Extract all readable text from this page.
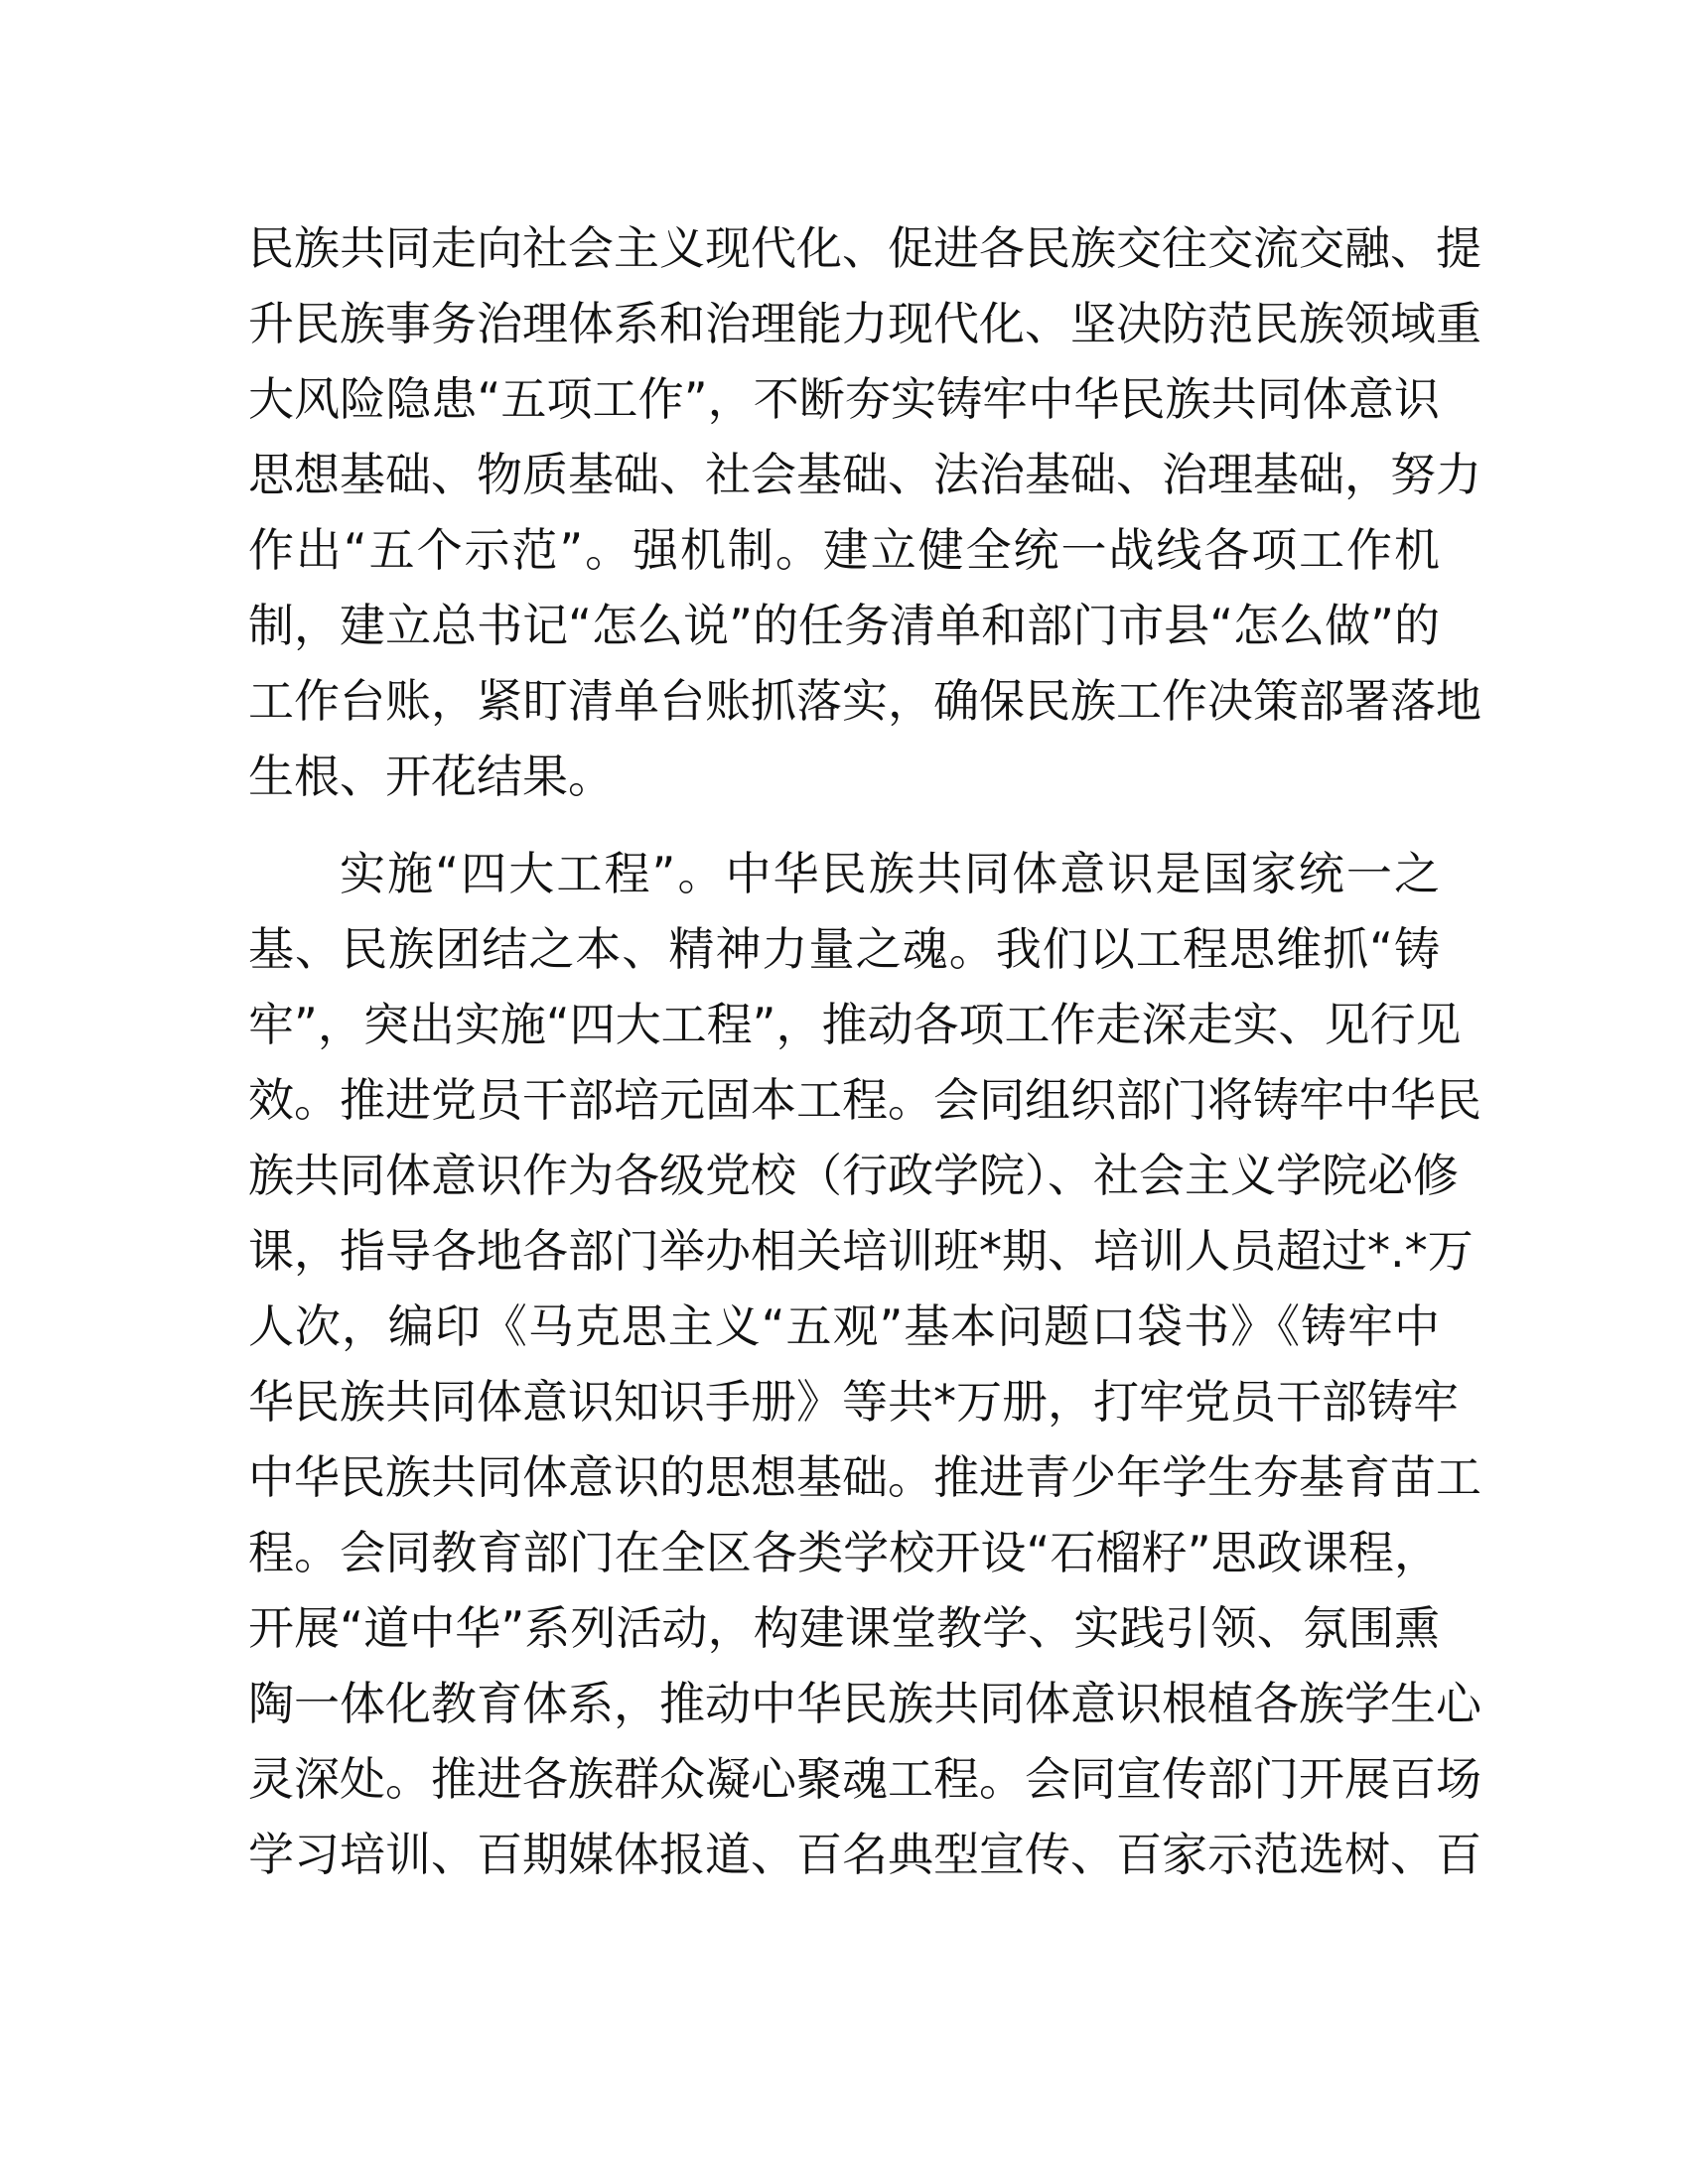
民族共同走向社会主义现代化、促进各民族交往交流交融、提
升民族事务治理体系和治理能力现代化、坚决防范民族领域重
大风险隐患“五项工作”，不断夯实铸牢中华民族共同体意识
思想基础、物质基础、社会基础、法治基础、治理基础，努力
作出“五个示范”。强机制。建立健全统一战线各项工作机
制，建立总书记“怎么说”的任务清单和部门市县“怎么做”的
工作台账，紧盯清单台账抓落实，确保民族工作决策部署落地
生根、开花结果。
实施“四大工程”。中华民族共同体意识是国家统一之
基、民族团结之本、精神力量之魂。我们以工程思维抓“铸
牢”，突出实施“四大工程”，推动各项工作走深走实、见行见
效。推进党员干部培元固本工程。会同组织部门将铸牢中华民
族共同体意识作为各级党校（行政学院）、社会主义学院必修
课，指导各地各部门举办相关培训班*期、培训人员超过*.*万
人次，编印《马克思主义“五观”基本问题口袋书》《铸牢中
华民族共同体意识知识手册》等共*万册，打牢党员干部铸牢
中华民族共同体意识的思想基础。推进青少年学生夯基育苗工
程。会同教育部门在全区各类学校开设“石榴籽”思政课程，
开展“道中华”系列活动，构建课堂教学、实践引领、氛围熏
陶一体化教育体系，推动中华民族共同体意识根植各族学生心
灵深处。推进各族群众凝心聚魂工程。会同宣传部门开展百场
学习培训、百期媒体报道、百名典型宣传、百家示范选树、百
